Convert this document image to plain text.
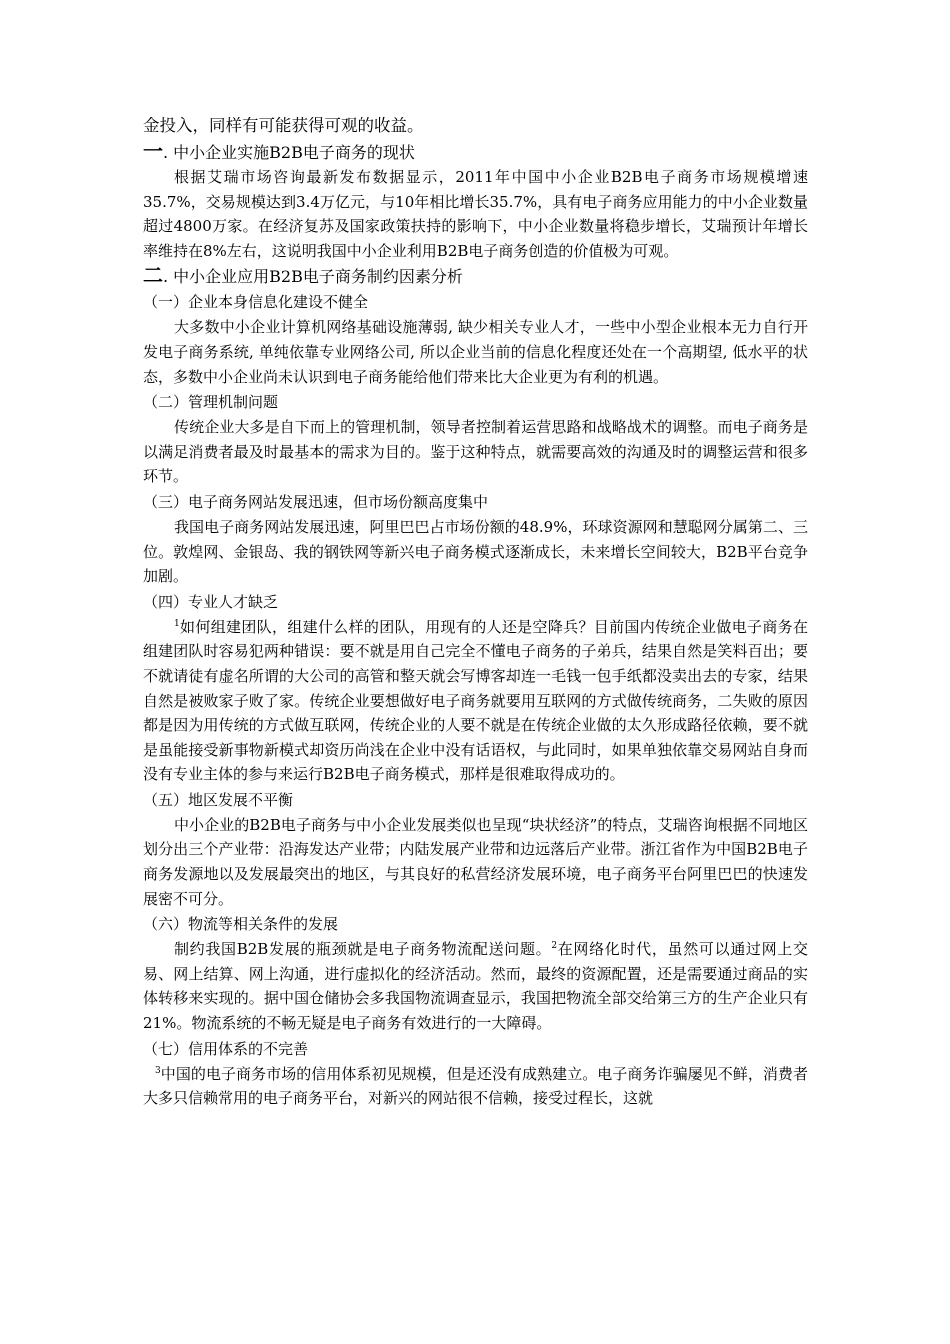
金投入，同样有可能获得可观的收益。

一. 中小企业实施B2B电子商务的现状

根据艾瑞市场咨询最新发布数据显示，2011年中国中小企业B2B电子商务市场规模增速35.7%，交易规模达到3.4万亿元，与10年相比增长35.7%，具有电子商务应用能力的中小企业数量超过4800万家。在经济复苏及国家政策扶持的影响下，中小企业数量将稳步增长，艾瑞预计年增长率维持在8%左右，这说明我国中小企业利用B2B电子商务创造的价值极为可观。

二. 中小企业应用B2B电子商务制约因素分析

（一）企业本身信息化建设不健全

大多数中小企业计算机网络基础设施薄弱, 缺少相关专业人才，一些中小型企业根本无力自行开发电子商务系统, 单纯依靠专业网络公司, 所以企业当前的信息化程度还处在一个高期望, 低水平的状态，多数中小企业尚未认识到电子商务能给他们带来比大企业更为有利的机遇。

（二）管理机制问题

传统企业大多是自下而上的管理机制，领导者控制着运营思路和战略战术的调整。而电子商务是以满足消费者最及时最基本的需求为目的。鉴于这种特点，就需要高效的沟通及时的调整运营和很多环节。

（三）电子商务网站发展迅速，但市场份额高度集中

我国电子商务网站发展迅速，阿里巴巴占市场份额的48.9%，环球资源网和慧聪网分属第二、三位。敦煌网、金银岛、我的钢铁网等新兴电子商务模式逐渐成长，未来增长空间较大，B2B平台竞争加剧。

（四）专业人才缺乏

$^1$如何组建团队，组建什么样的团队，用现有的人还是空降兵？目前国内传统企业做电子商务在组建团队时容易犯两种错误：要不就是用自己完全不懂电子商务的子弟兵，结果自然是笑料百出；要不就请徒有虚名所谓的大公司的高管和整天就会写博客却连一毛钱一包手纸都没卖出去的专家，结果自然是被败家子败了家。传统企业要想做好电子商务就要用互联网的方式做传统商务，二失败的原因都是因为用传统的方式做互联网，传统企业的人要不就是在传统企业做的太久形成路径依赖，要不就是虽能接受新事物新模式却资历尚浅在企业中没有话语权，与此同时，如果单独依靠交易网站自身而没有专业主体的参与来运行B2B电子商务模式，那样是很难取得成功的。

（五）地区发展不平衡

中小企业的B2B电子商务与中小企业发展类似也呈现“块状经济”的特点，艾瑞咨询根据不同地区划分出三个产业带：沿海发达产业带；内陆发展产业带和边远落后产业带。浙江省作为中国B2B电子商务发源地以及发展最突出的地区，与其良好的私营经济发展环境，电子商务平台阿里巴巴的快速发展密不可分。

（六）物流等相关条件的发展

制约我国B2B发展的瓶颈就是电子商务物流配送问题。$^2$在网络化时代，虽然可以通过网上交易、网上结算、网上沟通，进行虚拟化的经济活动。然而，最终的资源配置，还是需要通过商品的实体转移来实现的。据中国仓储协会多我国物流调查显示，我国把物流全部交给第三方的生产企业只有21%。物流系统的不畅无疑是电子商务有效进行的一大障碍。

（七）信用体系的不完善

$^3$中国的电子商务市场的信用体系初见规模，但是还没有成熟建立。电子商务诈骗屡见不鲜，消费者大多只信赖常用的电子商务平台，对新兴的网站很不信赖，接受过程长，这就
